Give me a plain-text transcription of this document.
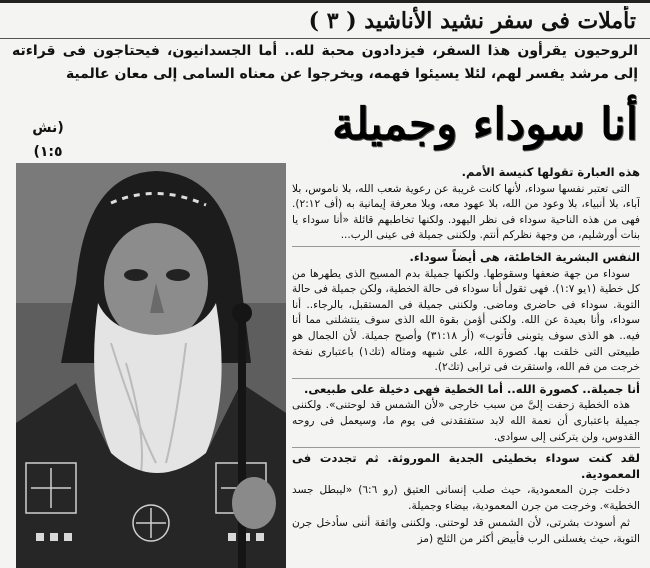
تأملات فى سفر نشيد الأناشيد ( ٣ )
الروحيون يقرأون هذا السفر، فيزدادون محبة لله.. أما الجسدانيون، فيحتاجون فى قراءته إلى مرشد يفسر لهم، لئلا يسيئوا فهمه، ويخرجوا عن معناه السامى إلى معان عالمية
أنا سوداء وجميلة
(نش ١:٥)
هذه العبارة تقولها كنيسة الأمم.

التى تعتبر نفسها سوداء، لأنها كانت غريبة عن رعوية شعب الله، بلا ناموس، بلا آباء، بلا أنبياء، بلا وعود من الله، بلا عهود معه، وبلا معرفة إيمانية به (أف ٢:١٢). فهى من هذه الناحية سوداء فى نظر اليهود. ولكنها تخاطبهم قائلة «أنا سوداء يا بنات أورشليم، من وجهة نظركم أنتم. ولكننى جميلة فى عينى الرب...

النفس البشرية الخاطئة، هى أيضاً سوداء.

سوداء من جهة ضعفها وسقوطها. ولكنها جميلة بدم المسيح الذى يطهرها من كل خطية (١يو ١:٧). فهى تقول أنا سوداء فى حالة الخطية، ولكن جميلة فى حالة التوبة. سوداء فى حاضرى وماضى. ولكننى جميلة فى المستقبل، بالرجاء.. أنا سوداء، وأنا بعيدة عن الله. ولكنى أؤمن بقوة الله الذى سوف ينتشلنى مما أنا فيه.. هو الذى سوف يتوبنى فأتوب» (أر ٣١:١٨) وأصبح جميلة. لأن الجمال هو طبيعتى التى خلقت بها. كصورة الله، على شبهه ومثاله (تك١) باعتبارى نفخة خرجت من فم الله، واستقرت فى ترابى (تك٢).

أنا جميلة.. كصورة الله.. أما الخطية فهى دخيلة على طبيعى.

هذه الخطية زحفت إلىَّ من سبب خارجى «لأن الشمس قد لوحتنى». ولكننى جميلة باعتبارى أن نعمة الله لابد ستفتقدنى فى يوم ما، وسيعمل فى روحه القدوس، ولن يتركنى إلى سوادى.

لقد كنت سوداء بخطيئى الجدية الموروثة. ثم تجددت فى المعمودية.

دخلت جرن المعمودية، حيث صلب إنسانى العتيق (رو ٦:٦) «ليبطل جسد الخطية». وخرجت من جرن المعمودية، بيضاء وجميلة.

ثم أسودت بشرتى، لأن الشمس قد لوحتنى. ولكننى واثقة أننى سأدخل جرن التوبة، حيث يغسلنى الرب فأبيض أكثر من الثلج (مز
